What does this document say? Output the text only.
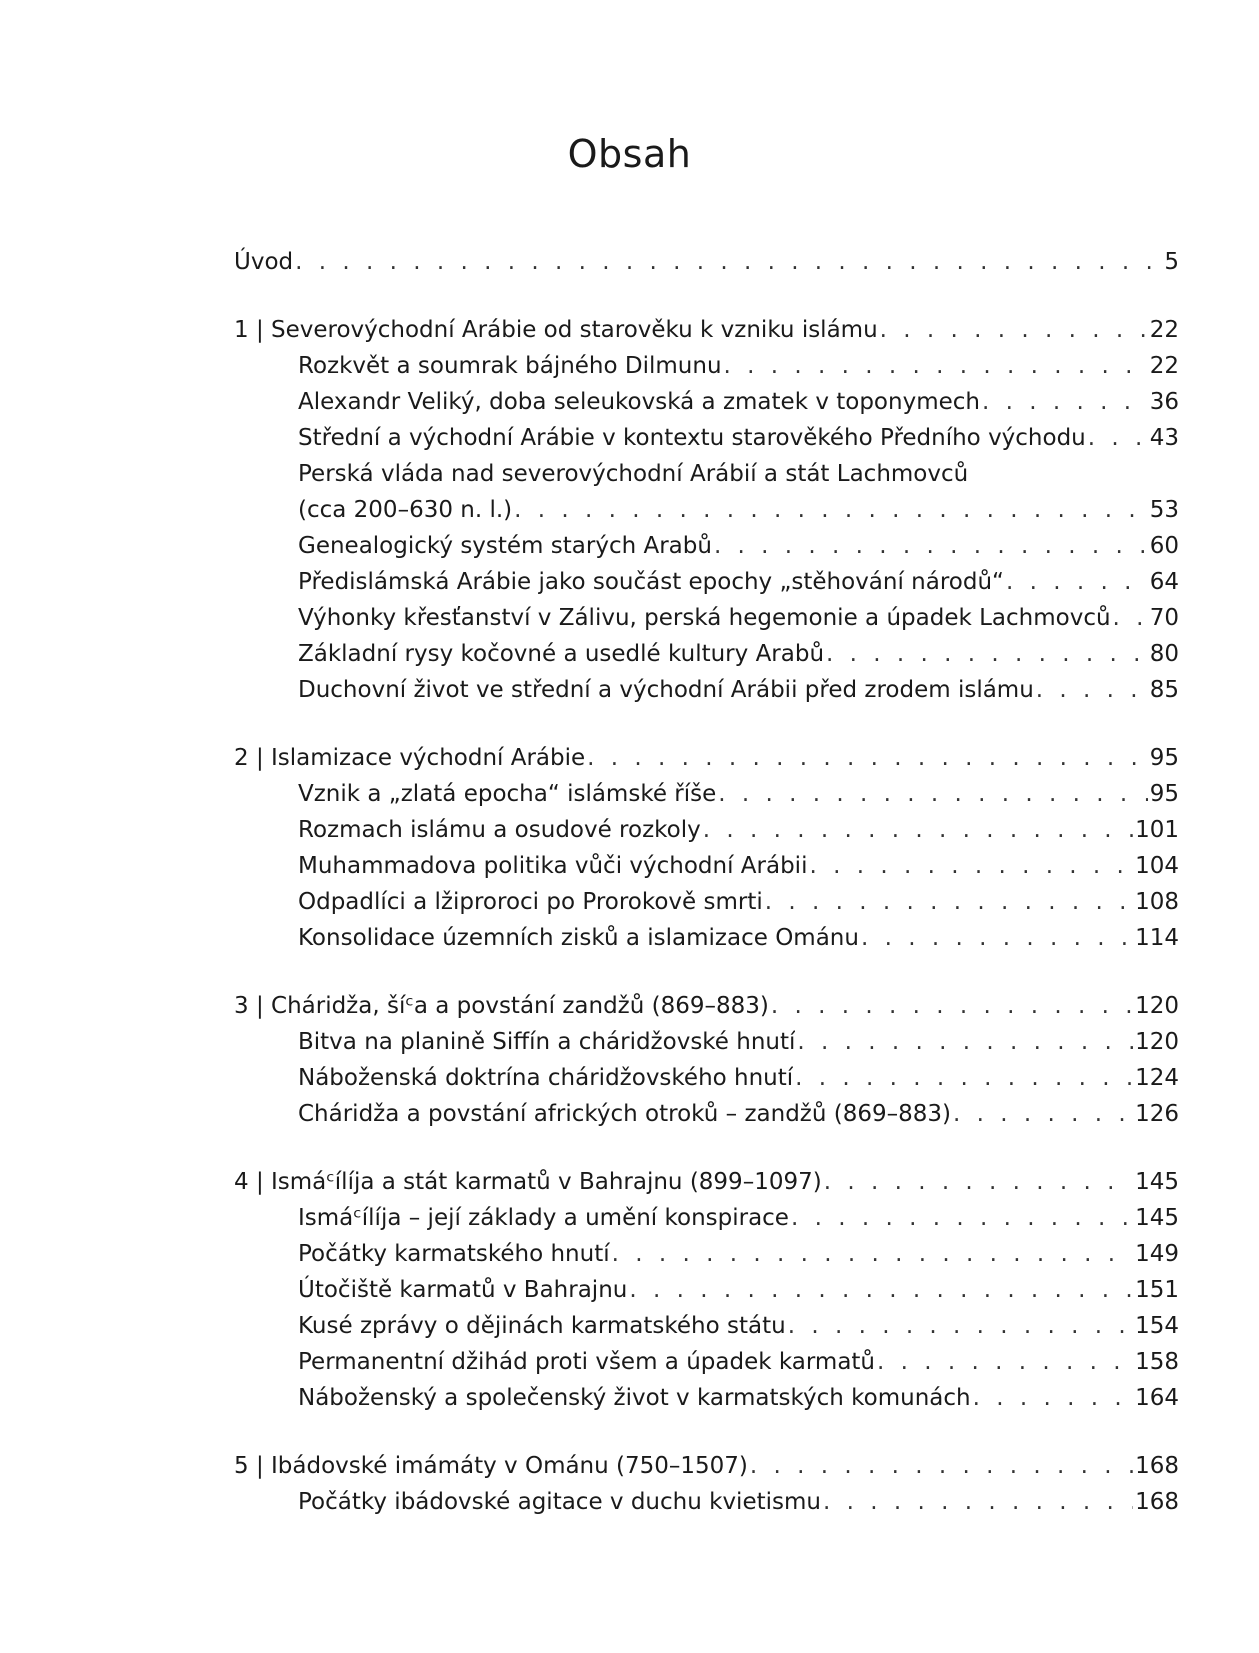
Obsah
Úvod . . .	5
1 | Severovýchodní Arábie od starověku k vzniku islámu . . .	22
Rozkvět a soumrak bájného Dilmunu . . .	22
Alexandr Veliký, doba seleukovská a zmatek v toponymech . . .	36
Střední a východní Arábie v kontextu starověkého Předního východu . . .	43
Perská vláda nad severovýchodní Arábií a stát Lachmovců
(cca 200–630 n. l.) . . .	53
Genealogický systém starých Arabů . . .	60
Předislámská Arábie jako součást epochy „stěhování národů“ . . .	64
Výhonky křesťanství v Zálivu, perská hegemonie a úpadek Lachmovců . . . 70
Základní rysy kočovné a usedlé kultury Arabů . . .	80
Duchovní život ve střední a východní Arábii před zrodem islámu . . .	85
2 | Islamizace východní Arábie . . .	95
Vznik a „zlatá epocha“ islámské říše . . .	95
Rozmach islámu a osudové rozkoly . . .	101
Muhammadova politika vůči východní Arábii . . .	104
Odpadlíci a lžiproroci po Prorokově smrti . . .	108
Konsolidace územních zisků a islamizace Ománu . . .	114
3 | Cháridža, šíᶜa a povstání zandžů (869–883) . . .	120
Bitva na planině Siffín a cháridžovské hnutí . . .	120
Náboženská doktrína cháridžovského hnutí . . .	124
Cháridža a povstání afrických otroků – zandžů (869–883) . . .	126
4 | Ismáᶜílíja a stát karmatů v Bahrajnu (899–1097) . . .	145
Ismáᶜílíja – její základy a umění konspirace . . .	145
Počátky karmatského hnutí . . .	149
Útočiště karmatů v Bahrajnu . . .	151
Kusé zprávy o dějinách karmatského státu . . .	154
Permanentní džihád proti všem a úpadek karmatů . . .	158
Náboženský a společenský život v karmatských komunách . . .	164
5 | Ibádovské imámáty v Ománu (750–1507) . . .	168
Počátky ibádovské agitace v duchu kvietismu . . .	168
